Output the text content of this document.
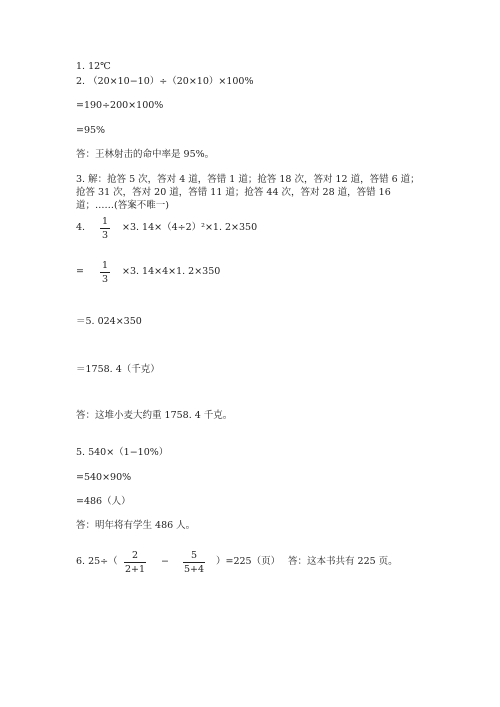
1. 12℃
2. （20×10−10）÷（20×10）×100%
=190÷200×100%
=95%
答：王林射击的命中率是 95%。
3. 解：抢答 5 次，答对 4 道，答错 1 道；抢答 18 次，答对 12 道，答错 6 道；
抢答 31 次，答对 20 道，答错 11 道；抢答 44 次，答对 28 道，答错 16
道；……(答案不唯一)
4.
1
3
×3. 14×（4÷2）²×1. 2×350
=
1
3
×3. 14×4×1. 2×350
＝5. 024×350
＝1758. 4（千克）
答：这堆小麦大约重 1758. 4 千克。
5. 540×（1−10%）
=540×90%
=486（人）
答：明年将有学生 486 人。
6. 25÷（
2
2+1
−
5
5+4
）=225（页） 答：这本书共有 225 页。
